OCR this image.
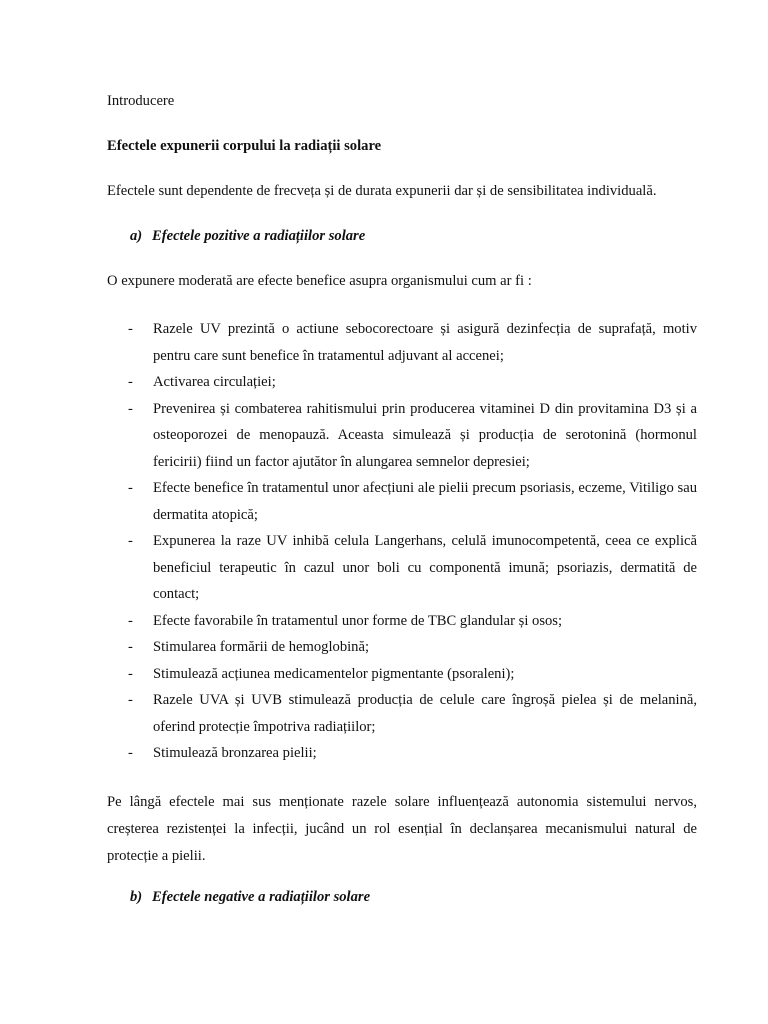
Introducere

Efectele expunerii corpului la radiații solare

Efectele sunt dependente de frecveța și de durata expunerii dar și de sensibilitatea individuală.

a) Efectele pozitive a radiațiilor solare

O expunere moderată are efecte benefice asupra organismului cum ar fi :

- Razele UV prezintă o actiune sebocorectoare și asigură dezinfecția de suprafață, motiv pentru care sunt benefice în tratamentul adjuvant al accenei;
- Activarea circulației;
- Prevenirea și combaterea rahitismului prin producerea vitaminei D din provitamina D3 și a osteoporozei de menopauză. Aceasta simulează și producția de serotonină (hormonul fericirii) fiind un factor ajutător în alungarea semnelor depresiei;
- Efecte benefice în tratamentul unor afecțiuni ale pielii precum psoriasis, eczeme, Vitiligo sau dermatita atopică;
- Expunerea la raze UV inhibă celula Langerhans, celulă imunocompetentă, ceea ce explică beneficiul terapeutic în cazul unor boli cu componentă imună; psoriazis, dermatită de contact;
- Efecte favorabile în tratamentul unor forme de TBC glandular și osos;
- Stimularea formării de hemoglobină;
- Stimulează acțiunea medicamentelor pigmentante (psoraleni);
- Razele UVA și UVB stimulează producția de celule care îngroșă pielea și de melanină, oferind protecție împotriva radiațiilor;
- Stimulează bronzarea pielii;

Pe lângă efectele mai sus menționate razele solare influențează autonomia sistemului nervos, creșterea rezistenței la infecții, jucând un rol esențial în declanșarea mecanismului natural de protecție a pielii.

b) Efectele negative a radiațiilor solare
